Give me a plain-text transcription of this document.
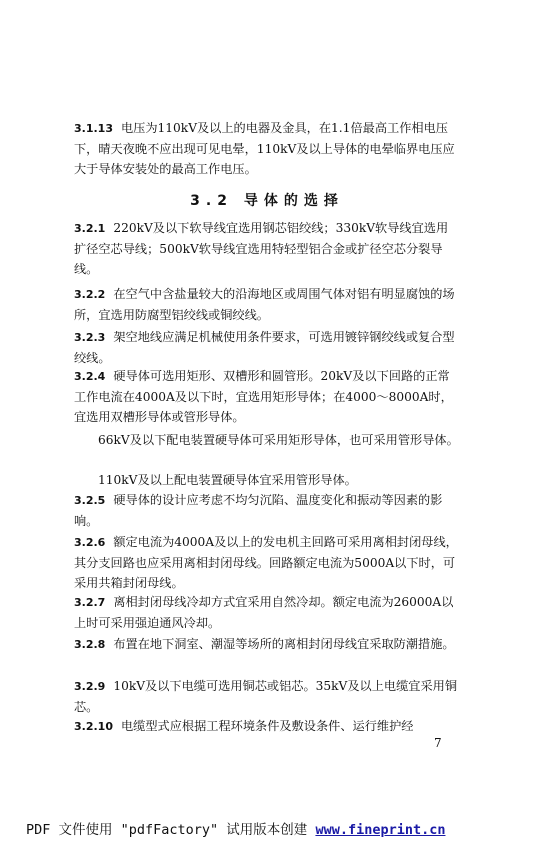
3.1.13 电压为110kV及以上的电器及金具，在1.1倍最高工作相电压下，晴天夜晚不应出现可见电晕，110kV及以上导体的电晕临界电压应大于导体安装处的最高工作电压。

3.2 导体的选择

3.2.1 220kV及以下软导线宜选用钢芯铝绞线；330kV软导线宜选用扩径空芯导线；500kV软导线宜选用特轻型铝合金或扩径空芯分裂导线。

3.2.2 在空气中含盐量较大的沿海地区或周围气体对铝有明显腐蚀的场所，宜选用防腐型铝绞线或铜绞线。

3.2.3 架空地线应满足机械使用条件要求，可选用镀锌钢绞线或复合型绞线。

3.2.4 硬导体可选用矩形、双槽形和圆管形。20kV及以下回路的正常工作电流在4000A及以下时，宜选用矩形导体；在4000～8000A时，宜选用双槽形导体或管形导体。

66kV及以下配电装置硬导体可采用矩形导体，也可采用管形导体。

110kV及以上配电装置硬导体宜采用管形导体。

3.2.5 硬导体的设计应考虑不均匀沉陷、温度变化和振动等因素的影响。

3.2.6 额定电流为4000A及以上的发电机主回路可采用离相封闭母线，其分支回路也应采用离相封闭母线。回路额定电流为5000A以下时，可采用共箱封闭母线。

3.2.7 离相封闭母线冷却方式宜采用自然冷却。额定电流为26000A以上时可采用强迫通风冷却。

3.2.8 布置在地下洞室、潮湿等场所的离相封闭母线宜采取防潮措施。

3.2.9 10kV及以下电缆可选用铜芯或铝芯。35kV及以上电缆宜采用铜芯。

3.2.10 电缆型式应根据工程环境条件及敷设条件、运行维护经

7
PDF 文件使用 "pdfFactory" 试用版本创建 www.fineprint.cn
